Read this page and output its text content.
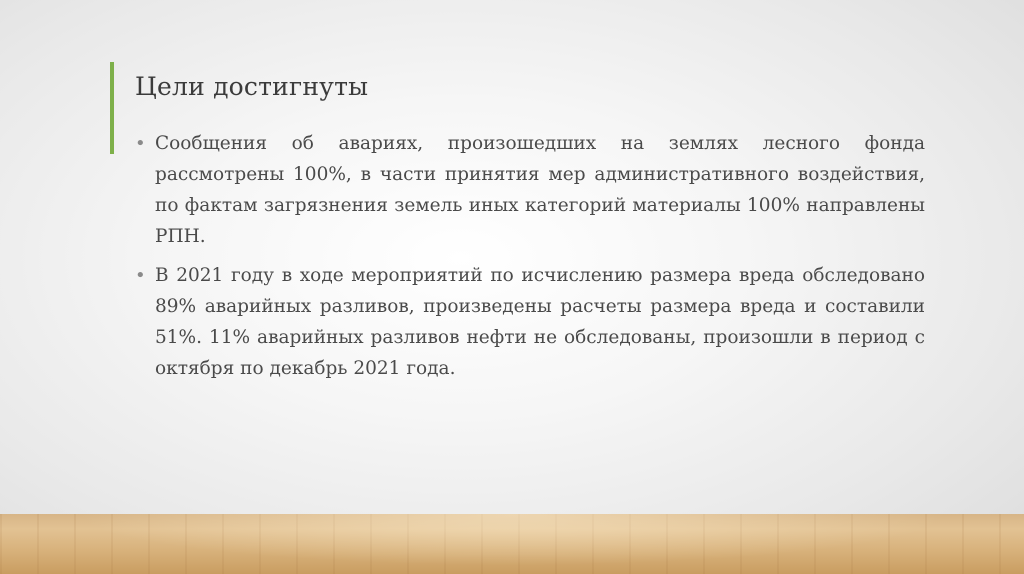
Цели достигнуты
• Сообщения об авариях, произошедших на землях лесного фонда рассмотрены 100%, в части принятия мер административного воздействия, по фактам загрязнения земель иных категорий материалы 100% направлены РПН.
• В 2021 году в ходе мероприятий по исчислению размера вреда обследовано 89% аварийных разливов, произведены расчеты размера вреда и составили 51%. 11% аварийных разливов нефти не обследованы, произошли в период с октября по декабрь 2021 года.
